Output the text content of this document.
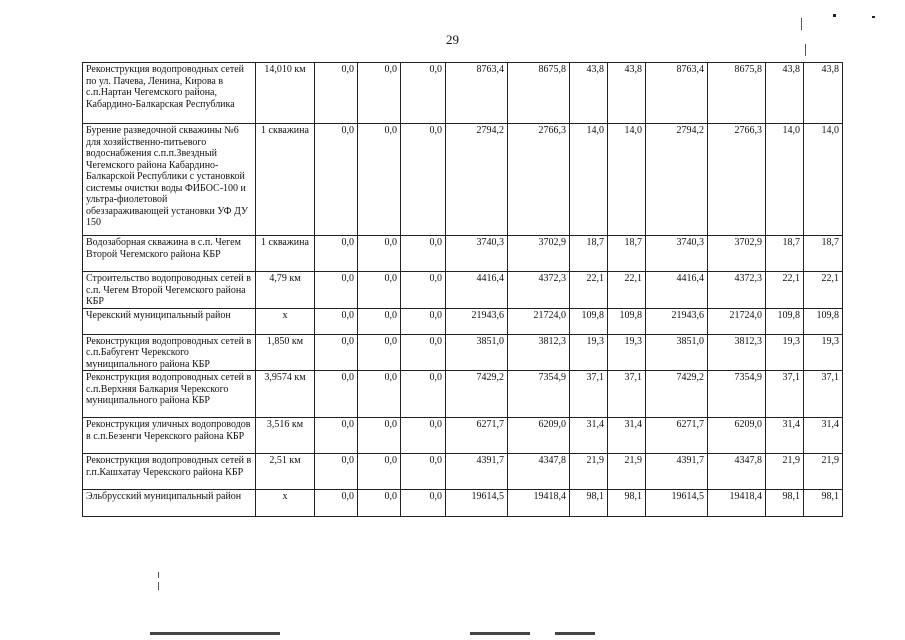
29
Реконструкция водопроводных сетей по ул. Пачева, Ленина, Кирова в с.п.Нартан Чегемского района, Кабардино-Балкарская Республика	14,010 км	0,0	0,0	0,0	8763,4	8675,8	43,8	43,8	8763,4	8675,8	43,8	43,8
Бурение разведочной скважины №6 для хозяйственно-питьевого водоснабжения с.п.п.Звездный Чегемского района Кабардино-Балкарской Республики с установкой системы очистки воды ФИБОС-100 и ультра-фиолетовой обеззараживающей установки УФ ДУ 150	1 скважина	0,0	0,0	0,0	2794,2	2766,3	14,0	14,0	2794,2	2766,3	14,0	14,0
Водозаборная скважина в с.п. Чегем Второй Чегемского района КБР	1 скважина	0,0	0,0	0,0	3740,3	3702,9	18,7	18,7	3740,3	3702,9	18,7	18,7
Строительство водопроводных сетей в с.п. Чегем Второй Чегемского района КБР	4,79 км	0,0	0,0	0,0	4416,4	4372,3	22,1	22,1	4416,4	4372,3	22,1	22,1
Черекский муниципальный район	х	0,0	0,0	0,0	21943,6	21724,0	109,8	109,8	21943,6	21724,0	109,8	109,8
Реконструкция водопроводных сетей в с.п.Бабугент Черекского муниципального района КБР	1,850 км	0,0	0,0	0,0	3851,0	3812,3	19,3	19,3	3851,0	3812,3	19,3	19,3
Реконструкция водопроводных сетей в с.п.Верхняя Балкария Черекского муниципального района КБР	3,9574 км	0,0	0,0	0,0	7429,2	7354,9	37,1	37,1	7429,2	7354,9	37,1	37,1
Реконструкция уличных водопроводов в с.п.Безенги Черекского района КБР	3,516 км	0,0	0,0	0,0	6271,7	6209,0	31,4	31,4	6271,7	6209,0	31,4	31,4
Реконструкция водопроводных сетей в г.п.Кашхатау Черекского района КБР	2,51 км	0,0	0,0	0,0	4391,7	4347,8	21,9	21,9	4391,7	4347,8	21,9	21,9
Эльбрусский муниципальный район	х	0,0	0,0	0,0	19614,5	19418,4	98,1	98,1	19614,5	19418,4	98,1	98,1
